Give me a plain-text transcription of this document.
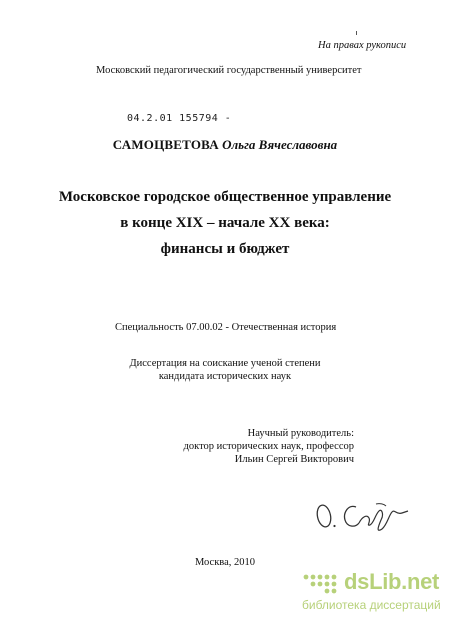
На правах рукописи
Московский педагогический государственный университет
04.2.01 155794 -
САМОЦВЕТОВА Ольга Вячеславовна
Московское городское общественное управление
в конце XIX – начале XX века:
финансы и бюджет
Специальность 07.00.02 - Отечественная история
Диссертация на соискание ученой степени
кандидата исторических наук
Научный руководитель:
доктор исторических наук, профессор
Ильин Сергей Викторович
Москва, 2010
dsLib.net
библиотека диссертаций
